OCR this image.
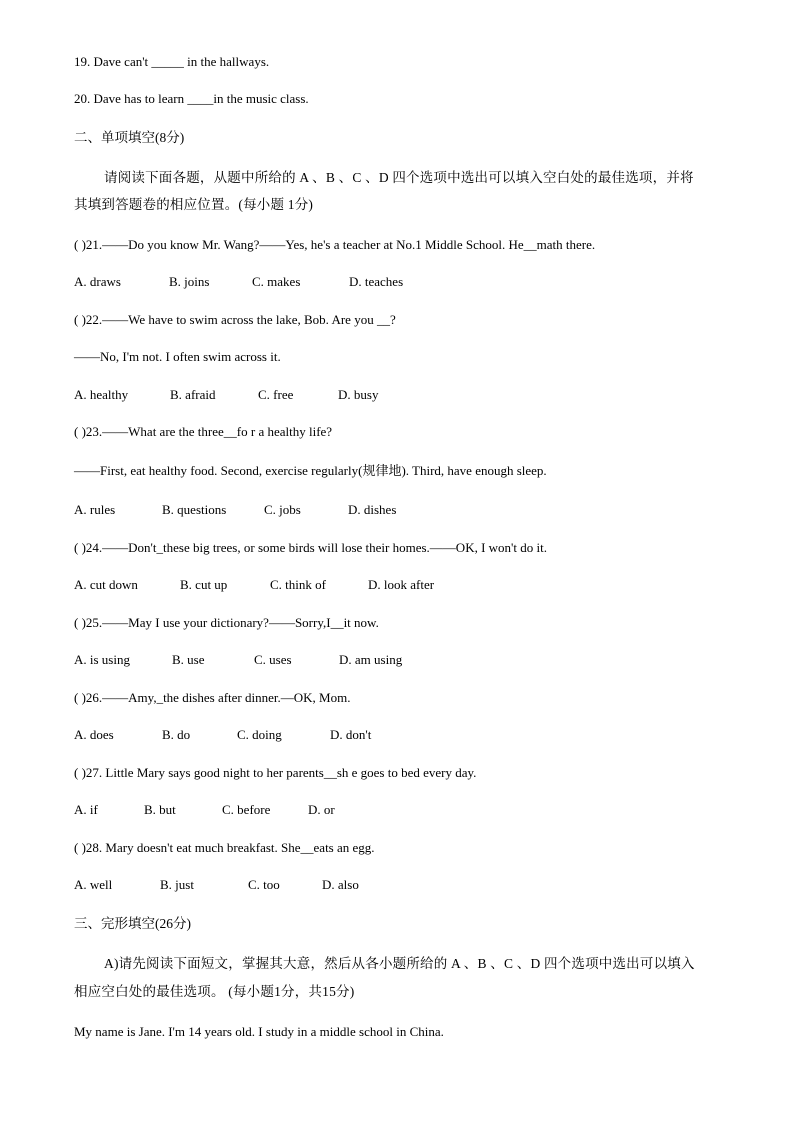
19. Dave can't _____ in the hallways.
20. Dave has to learn ____in the music class.
二、单项填空(8分)
请阅读下面各题，从题中所给的 A 、B 、C 、D 四个选项中选出可以填入空白处的最佳选项，并将
其填到答题卷的相应位置。(每小题 1分)
( )21.——Do you know Mr. Wang?——Yes, he's a teacher at No.1 Middle School. He__math there.
A. draws	B. joins	C. makes	D. teaches
( )22.——We have to swim across the lake, Bob. Are you __?
——No, I'm not. I often swim across it.
A. healthy	B. afraid	C. free	D. busy
( )23.——What are the three__fo r a healthy life?
——First, eat healthy food. Second, exercise regularly(规律地). Third, have enough sleep.
A. rules	B. questions	C. jobs	D. dishes
( )24.——Don't_these big trees, or some birds will lose their homes.——OK, I won't do it.
A. cut down	B. cut up	C. think of	D. look after
( )25.——May I use your dictionary?——Sorry,I__it now.
A. is using	B. use	C. uses	D. am using
( )26.——Amy,_the dishes after dinner.—OK, Mom.
A. does	B. do	C. doing	D. don't
( )27. Little Mary says good night to her parents__sh e goes to bed every day.
A. if	B. but	C. before	D. or
( )28. Mary doesn't eat much breakfast. She__eats an egg.
A. well	B. just	C. too	D. also
三、完形填空(26分)
A)请先阅读下面短文，掌握其大意，然后从各小题所给的 A 、B 、C 、D 四个选项中选出可以填入
相应空白处的最佳选项。 (每小题1分，共15分)
My name is Jane. I'm 14 years old. I study in a middle school in China.
